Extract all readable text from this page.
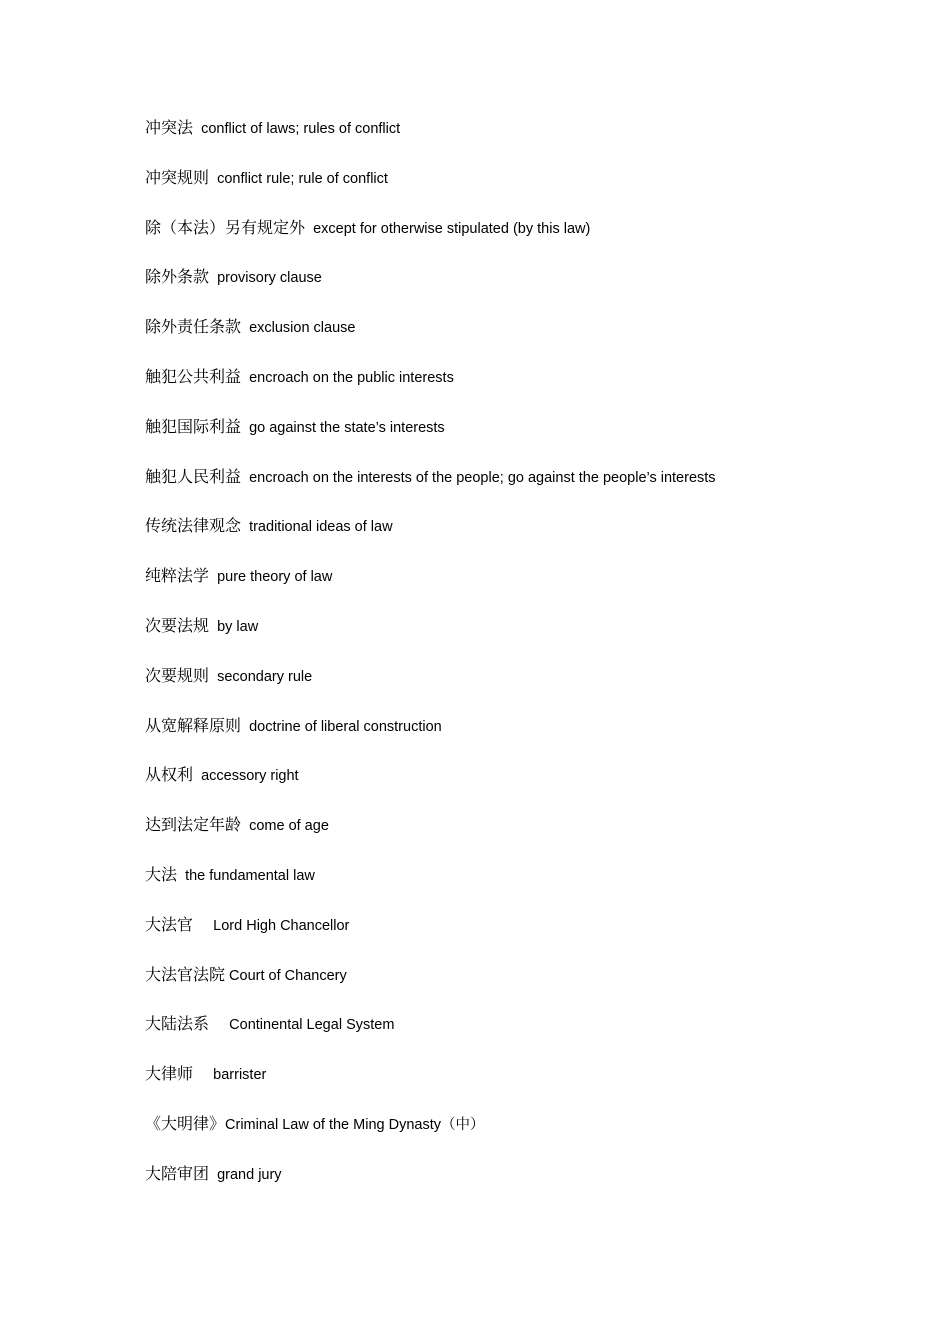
冲突法 conflict of laws; rules of conflict
冲突规则 conflict rule; rule of conflict
除（本法）另有规定外 except for otherwise stipulated (by this law)
除外条款 provisory clause
除外责任条款 exclusion clause
触犯公共利益 encroach on the public interests
触犯国际利益 go against the state’s interests
触犯人民利益 encroach on the interests of the people; go against the people’s interests
传统法律观念 traditional ideas of law
纯粹法学 pure theory of law
次要法规 by law
次要规则 secondary rule
从宽解释原则 doctrine of liberal construction
从权利 accessory right
达到法定年龄 come of age
大法 the fundamental law
大法官 Lord High Chancellor
大法官法院 Court of Chancery
大陆法系 Continental Legal System
大律师 barrister
《大明律》Criminal Law of the Ming Dynasty（中）
大陪审团 grand jury
